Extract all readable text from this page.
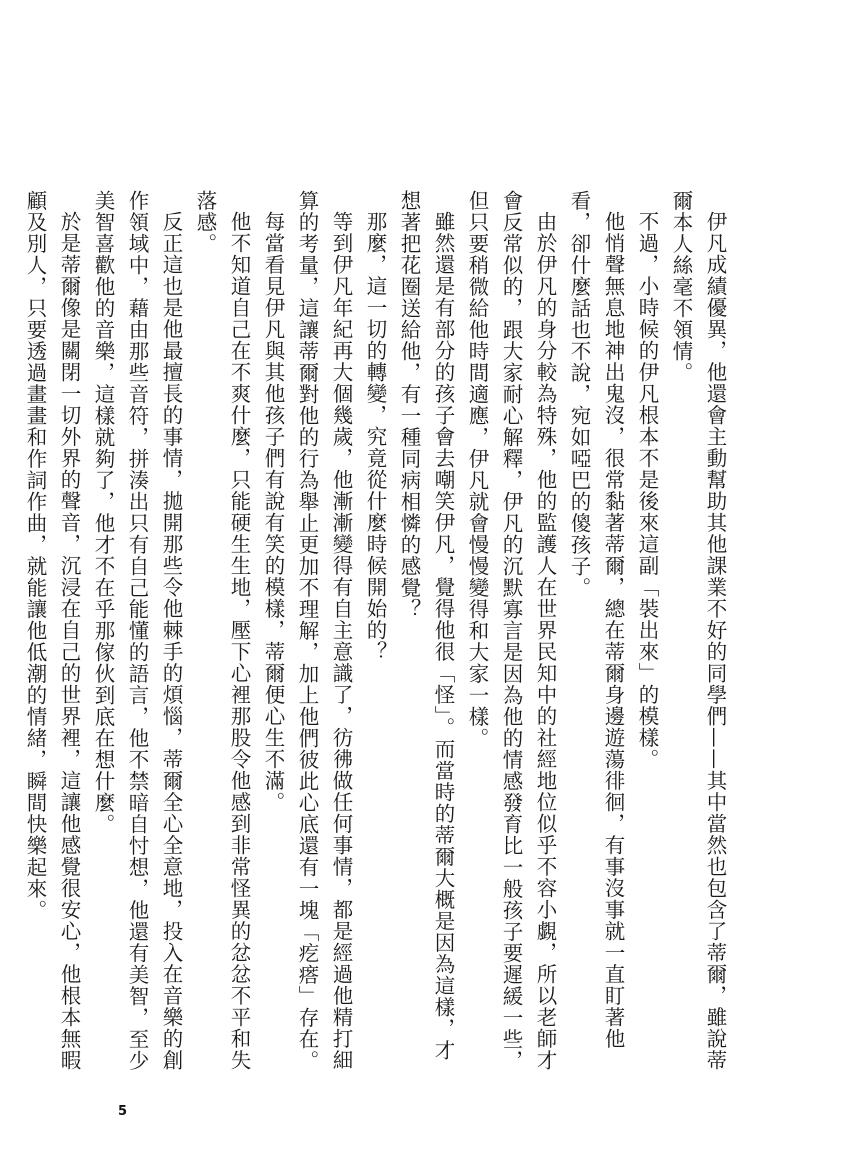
伊凡成績優異，他還會主動幫助其他課業不好的同學們——其中當然也包含了蒂爾，雖說蒂爾本人絲毫不領情。

不過，小時候的伊凡根本不是後來這副「裝出來」的模樣。

他悄聲無息地神出鬼沒，很常黏著蒂爾，總在蒂爾身邊遊蕩徘徊，有事沒事就一直盯著他看，卻什麼話也不說，宛如啞巴的傻孩子。

由於伊凡的身分較為特殊，他的監護人在世界民知中的社經地位似乎不容小覷，所以老師才會反常似的，跟大家耐心解釋，伊凡的沉默寡言是因為他的情感發育比一般孩子要遲緩一些，但只要稍微給他時間適應，伊凡就會慢慢變得和大家一樣。

雖然還是有部分的孩子會去嘲笑伊凡，覺得他很「怪」。而當時的蒂爾大概是因為這樣，才想著把花圈送給他，有一種同病相憐的感覺？

那麼，這一切的轉變，究竟從什麼時候開始的？

等到伊凡年紀再大個幾歲，他漸漸變得有自主意識了，彷彿做任何事情，都是經過他精打細算的考量，這讓蒂爾對他的行為舉止更加不理解，加上他們彼此心底還有一塊「疙瘩」存在。

每當看見伊凡與其他孩子們有說有笑的模樣，蒂爾便心生不滿。

他不知道自己在不爽什麼，只能硬生生地，壓下心裡那股令他感到非常怪異的忿忿不平和失落感。

反正這也是他最擅長的事情，拋開那些令他棘手的煩惱，蒂爾全心全意地，投入在音樂的創作領域中，藉由那些音符，拼湊出只有自己能懂的語言，他不禁暗自忖想，他還有美智，至少美智喜歡他的音樂，這樣就夠了，他才不在乎那傢伙到底在想什麼。

於是蒂爾像是關閉一切外界的聲音，沉浸在自己的世界裡，這讓他感覺很安心，他根本無暇顧及別人，只要透過畫畫和作詞作曲，就能讓他低潮的情緒，瞬間快樂起來。

5
